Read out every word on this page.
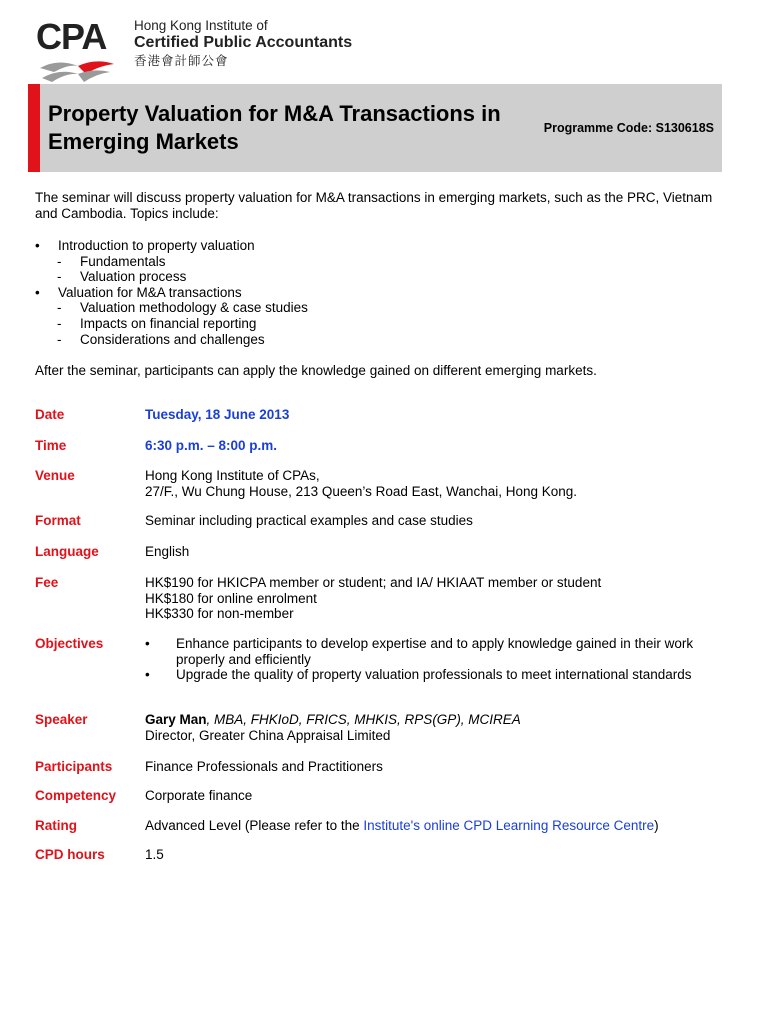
CPA Hong Kong Institute of
Certified Public Accountants
香港會計師公會
Property Valuation for M&A Transactions in Emerging Markets
Programme Code: S130618S
The seminar will discuss property valuation for M&A transactions in emerging markets, such as the PRC, Vietnam and Cambodia. Topics include:
• Introduction to property valuation
- Fundamentals
- Valuation process
• Valuation for M&A transactions
- Valuation methodology & case studies
- Impacts on financial reporting
- Considerations and challenges
After the seminar, participants can apply the knowledge gained on different emerging markets.
Date	Tuesday, 18 June 2013
Time	6:30 p.m. – 8:00 p.m.
Venue	Hong Kong Institute of CPAs,
27/F., Wu Chung House, 213 Queen’s Road East, Wanchai, Hong Kong.
Format	Seminar including practical examples and case studies
Language	English
Fee	HK$190 for HKICPA member or student; and IA/ HKIAAT member or student
HK$180 for online enrolment
HK$330 for non-member
Objectives	• Enhance participants to develop expertise and to apply knowledge gained in their work properly and efficiently
• Upgrade the quality of property valuation professionals to meet international standards
Speaker	Gary Man, MBA, FHKIoD, FRICS, MHKIS, RPS(GP), MCIREA
Director, Greater China Appraisal Limited
Participants Finance Professionals and Practitioners
Competency Corporate finance
Rating	Advanced Level (Please refer to the Institute's online CPD Learning Resource Centre)
CPD hours	1.5
